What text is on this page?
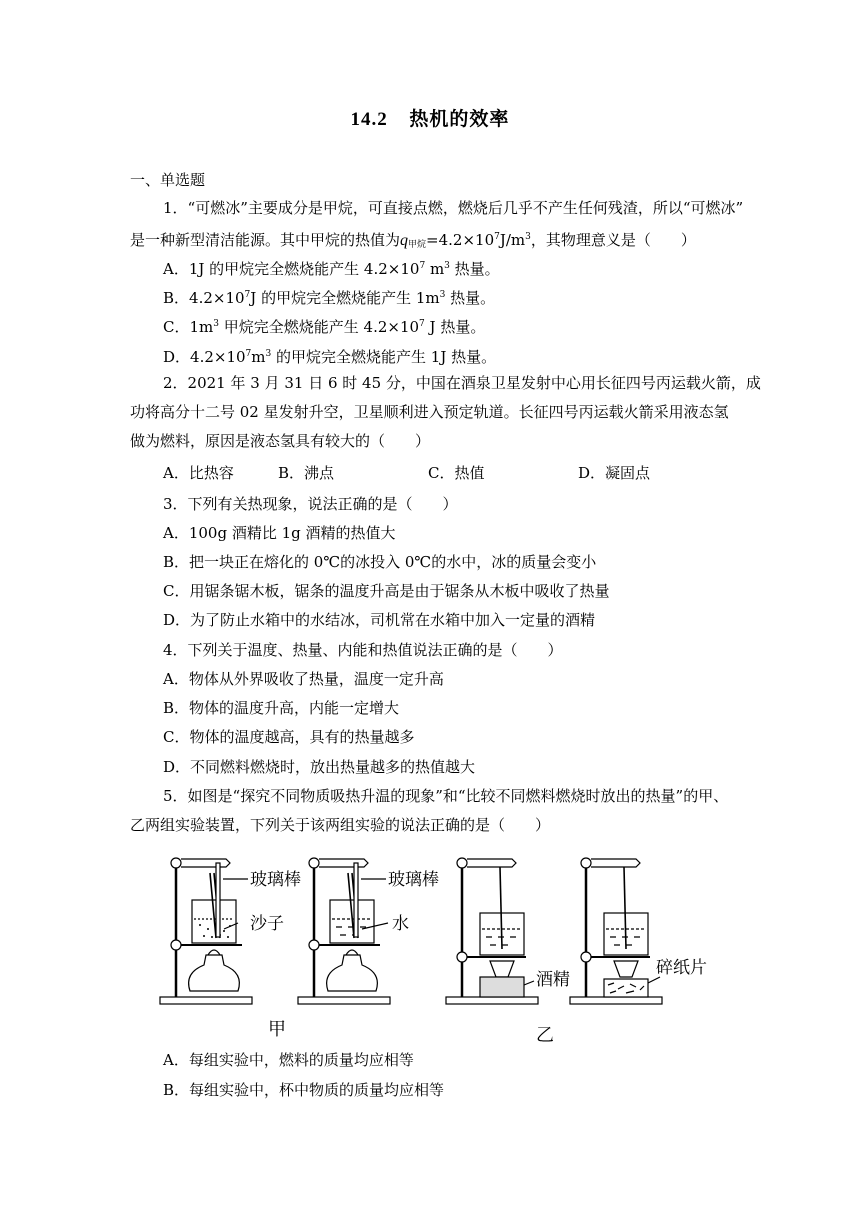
14.2 热机的效率
一、单选题
1．“可燃冰”主要成分是甲烷，可直接点燃，燃烧后几乎不产生任何残渣，所以“可燃冰”
是一种新型清洁能源。其中甲烷的热值为$q_{甲烷}=4.2\times 10^7J/m^3$，其物理意义是（　　）
A．1J 的甲烷完全燃烧能产生 $4.2\times 10^7$ $m^3$ 热量。
B．$4.2\times 10^7J$ 的甲烷完全燃烧能产生 $1m^3$ 热量。
C．$1m^3$ 甲烷完全燃烧能产生 $4.2\times 10^7$ J 热量。
D．$4.2\times 10^7m^3$ 的甲烷完全燃烧能产生 1J 热量。
2．2021 年 3 月 31 日 6 时 45 分，中国在酒泉卫星发射中心用长征四号丙运载火箭，成
功将高分十二号 02 星发射升空，卫星顺利进入预定轨道。长征四号丙运载火箭采用液态氢
做为燃料，原因是液态氢具有较大的（　　）
A．比热容	B．沸点	C．热值	D．凝固点
3．下列有关热现象，说法正确的是（　　）
A．100g 酒精比 1g 酒精的热值大
B．把一块正在熔化的 0℃的冰投入 0℃的水中，冰的质量会变小
C．用锯条锯木板，锯条的温度升高是由于锯条从木板中吸收了热量
D．为了防止水箱中的水结冰，司机常在水箱中加入一定量的酒精
4．下列关于温度、热量、内能和热值说法正确的是（　　）
A．物体从外界吸收了热量，温度一定升高
B．物体的温度升高，内能一定增大
C．物体的温度越高，具有的热量越多
D．不同燃料燃烧时，放出热量越多的热值越大
5．如图是“探究不同物质吸热升温的现象”和“比较不同燃料燃烧时放出的热量”的甲、
乙两组实验装置，下列关于该两组实验的说法正确的是（　　）
玻璃棒
沙子
玻璃棒
水
酒精
碎纸片
甲	乙
A．每组实验中，燃料的质量均应相等
B．每组实验中，杯中物质的质量均应相等
